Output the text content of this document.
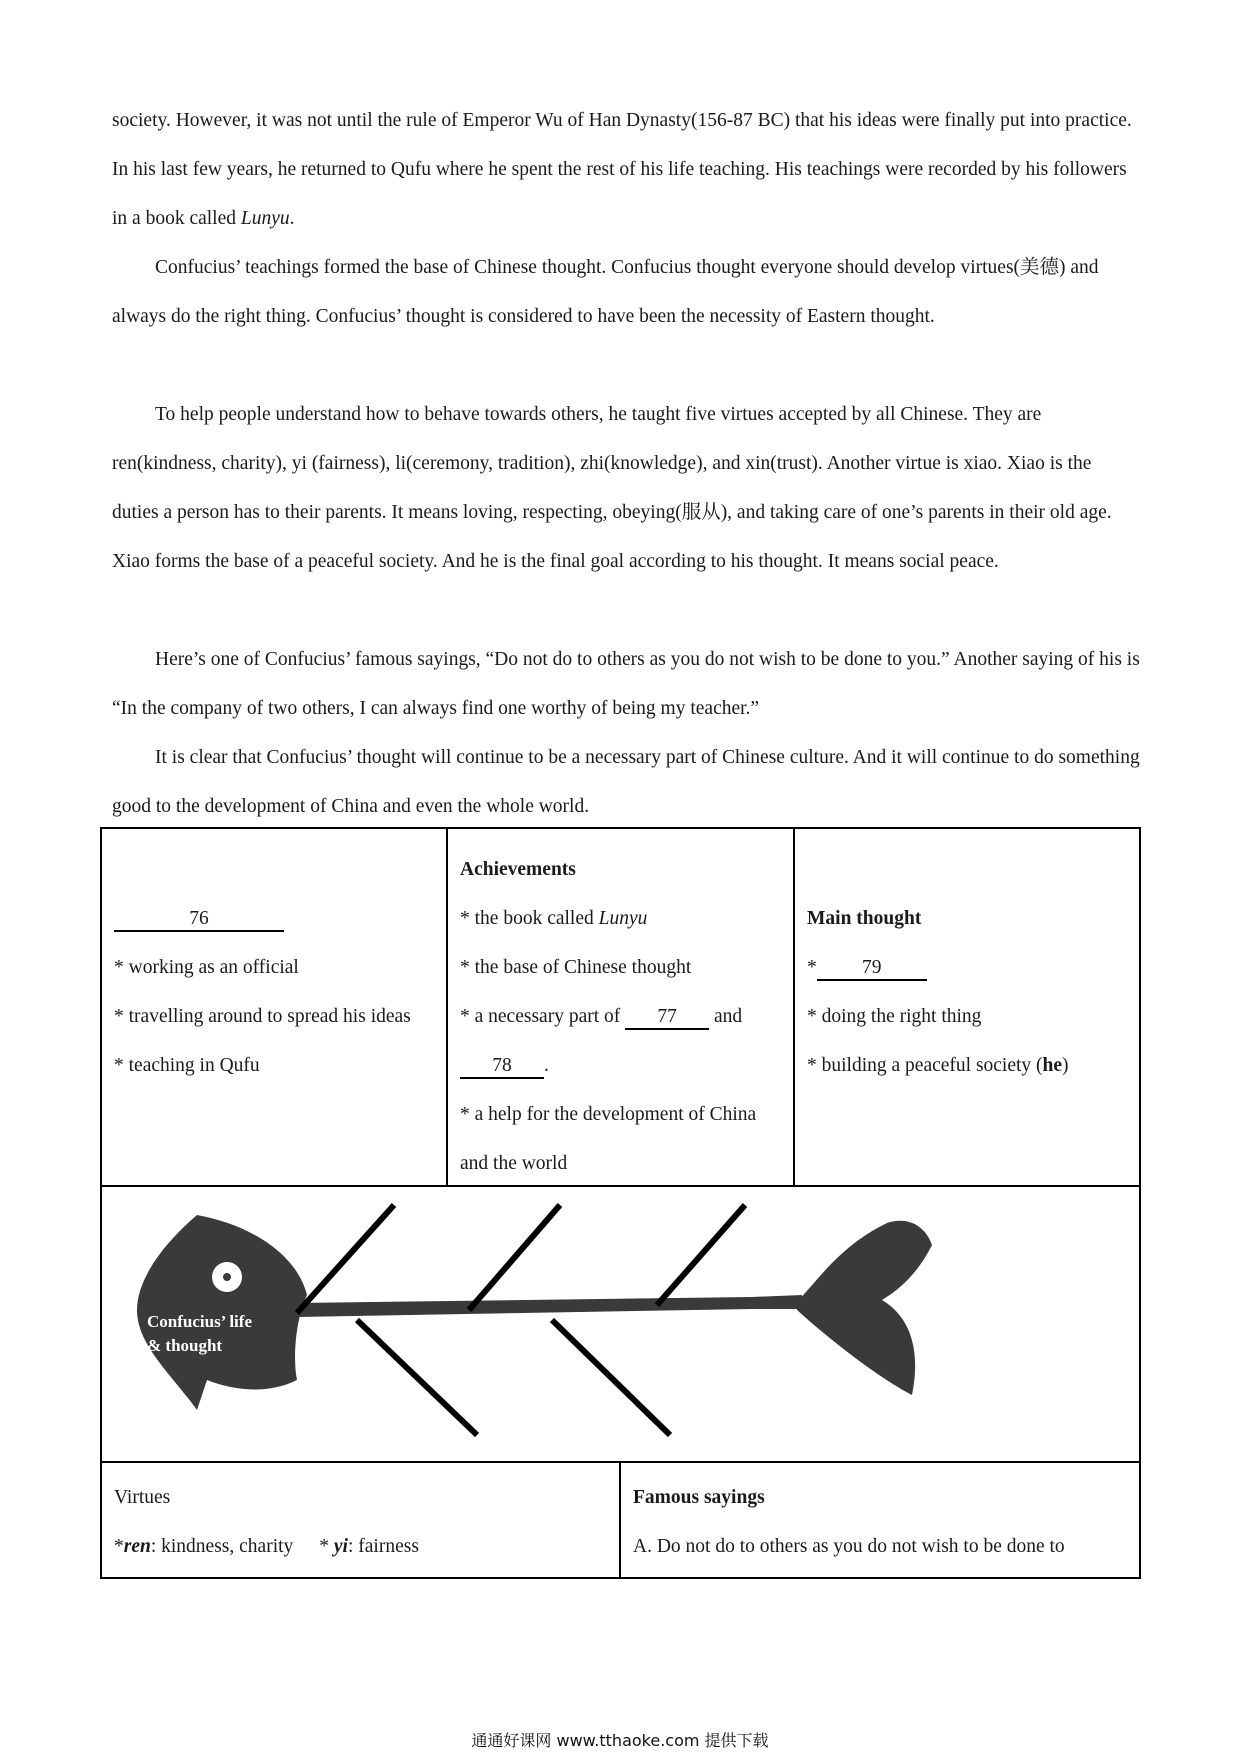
society. However, it was not until the rule of Emperor Wu of Han Dynasty(156-87 BC) that his ideas were finally put into practice. In his last few years, he returned to Qufu where he spent the rest of his life teaching. His teachings were recorded by his followers in a book called Lunyu.

Confucius’ teachings formed the base of Chinese thought. Confucius thought everyone should develop virtues(美德) and always do the right thing. Confucius’ thought is considered to have been the necessity of Eastern thought.

To help people understand how to behave towards others, he taught five virtues accepted by all Chinese. They are ren(kindness, charity), yi (fairness), li(ceremony, tradition), zhi(knowledge), and xin(trust). Another virtue is xiao. Xiao is the duties a person has to their parents. It means loving, respecting, obeying(服从), and taking care of one’s parents in their old age. Xiao forms the base of a peaceful society. And he is the final goal according to his thought. It means social peace.

Here’s one of Confucius’ famous sayings, “Do not do to others as you do not wish to be done to you.” Another saying of his is “In the company of two others, I can always find one worthy of being my teacher.”

It is clear that Confucius’ thought will continue to be a necessary part of Chinese culture. And it will continue to do something good to the development of China and even the whole world.

76
* working as an official
* travelling around to spread his ideas
* teaching in Qufu
Achievements
* the book called Lunyu
* the base of Chinese thought
* a necessary part of 77 and
78 .
* a help for the development of China and the world
Main thought
* 79
* doing the right thing
* building a peaceful society (he)
Confucius’ life
& thought
Virtues
*ren: kindness, charity * yi: fairness
Famous sayings
A. Do not do to others as you do not wish to be done to
通通好课网 www.tthaoke.com 提供下载
